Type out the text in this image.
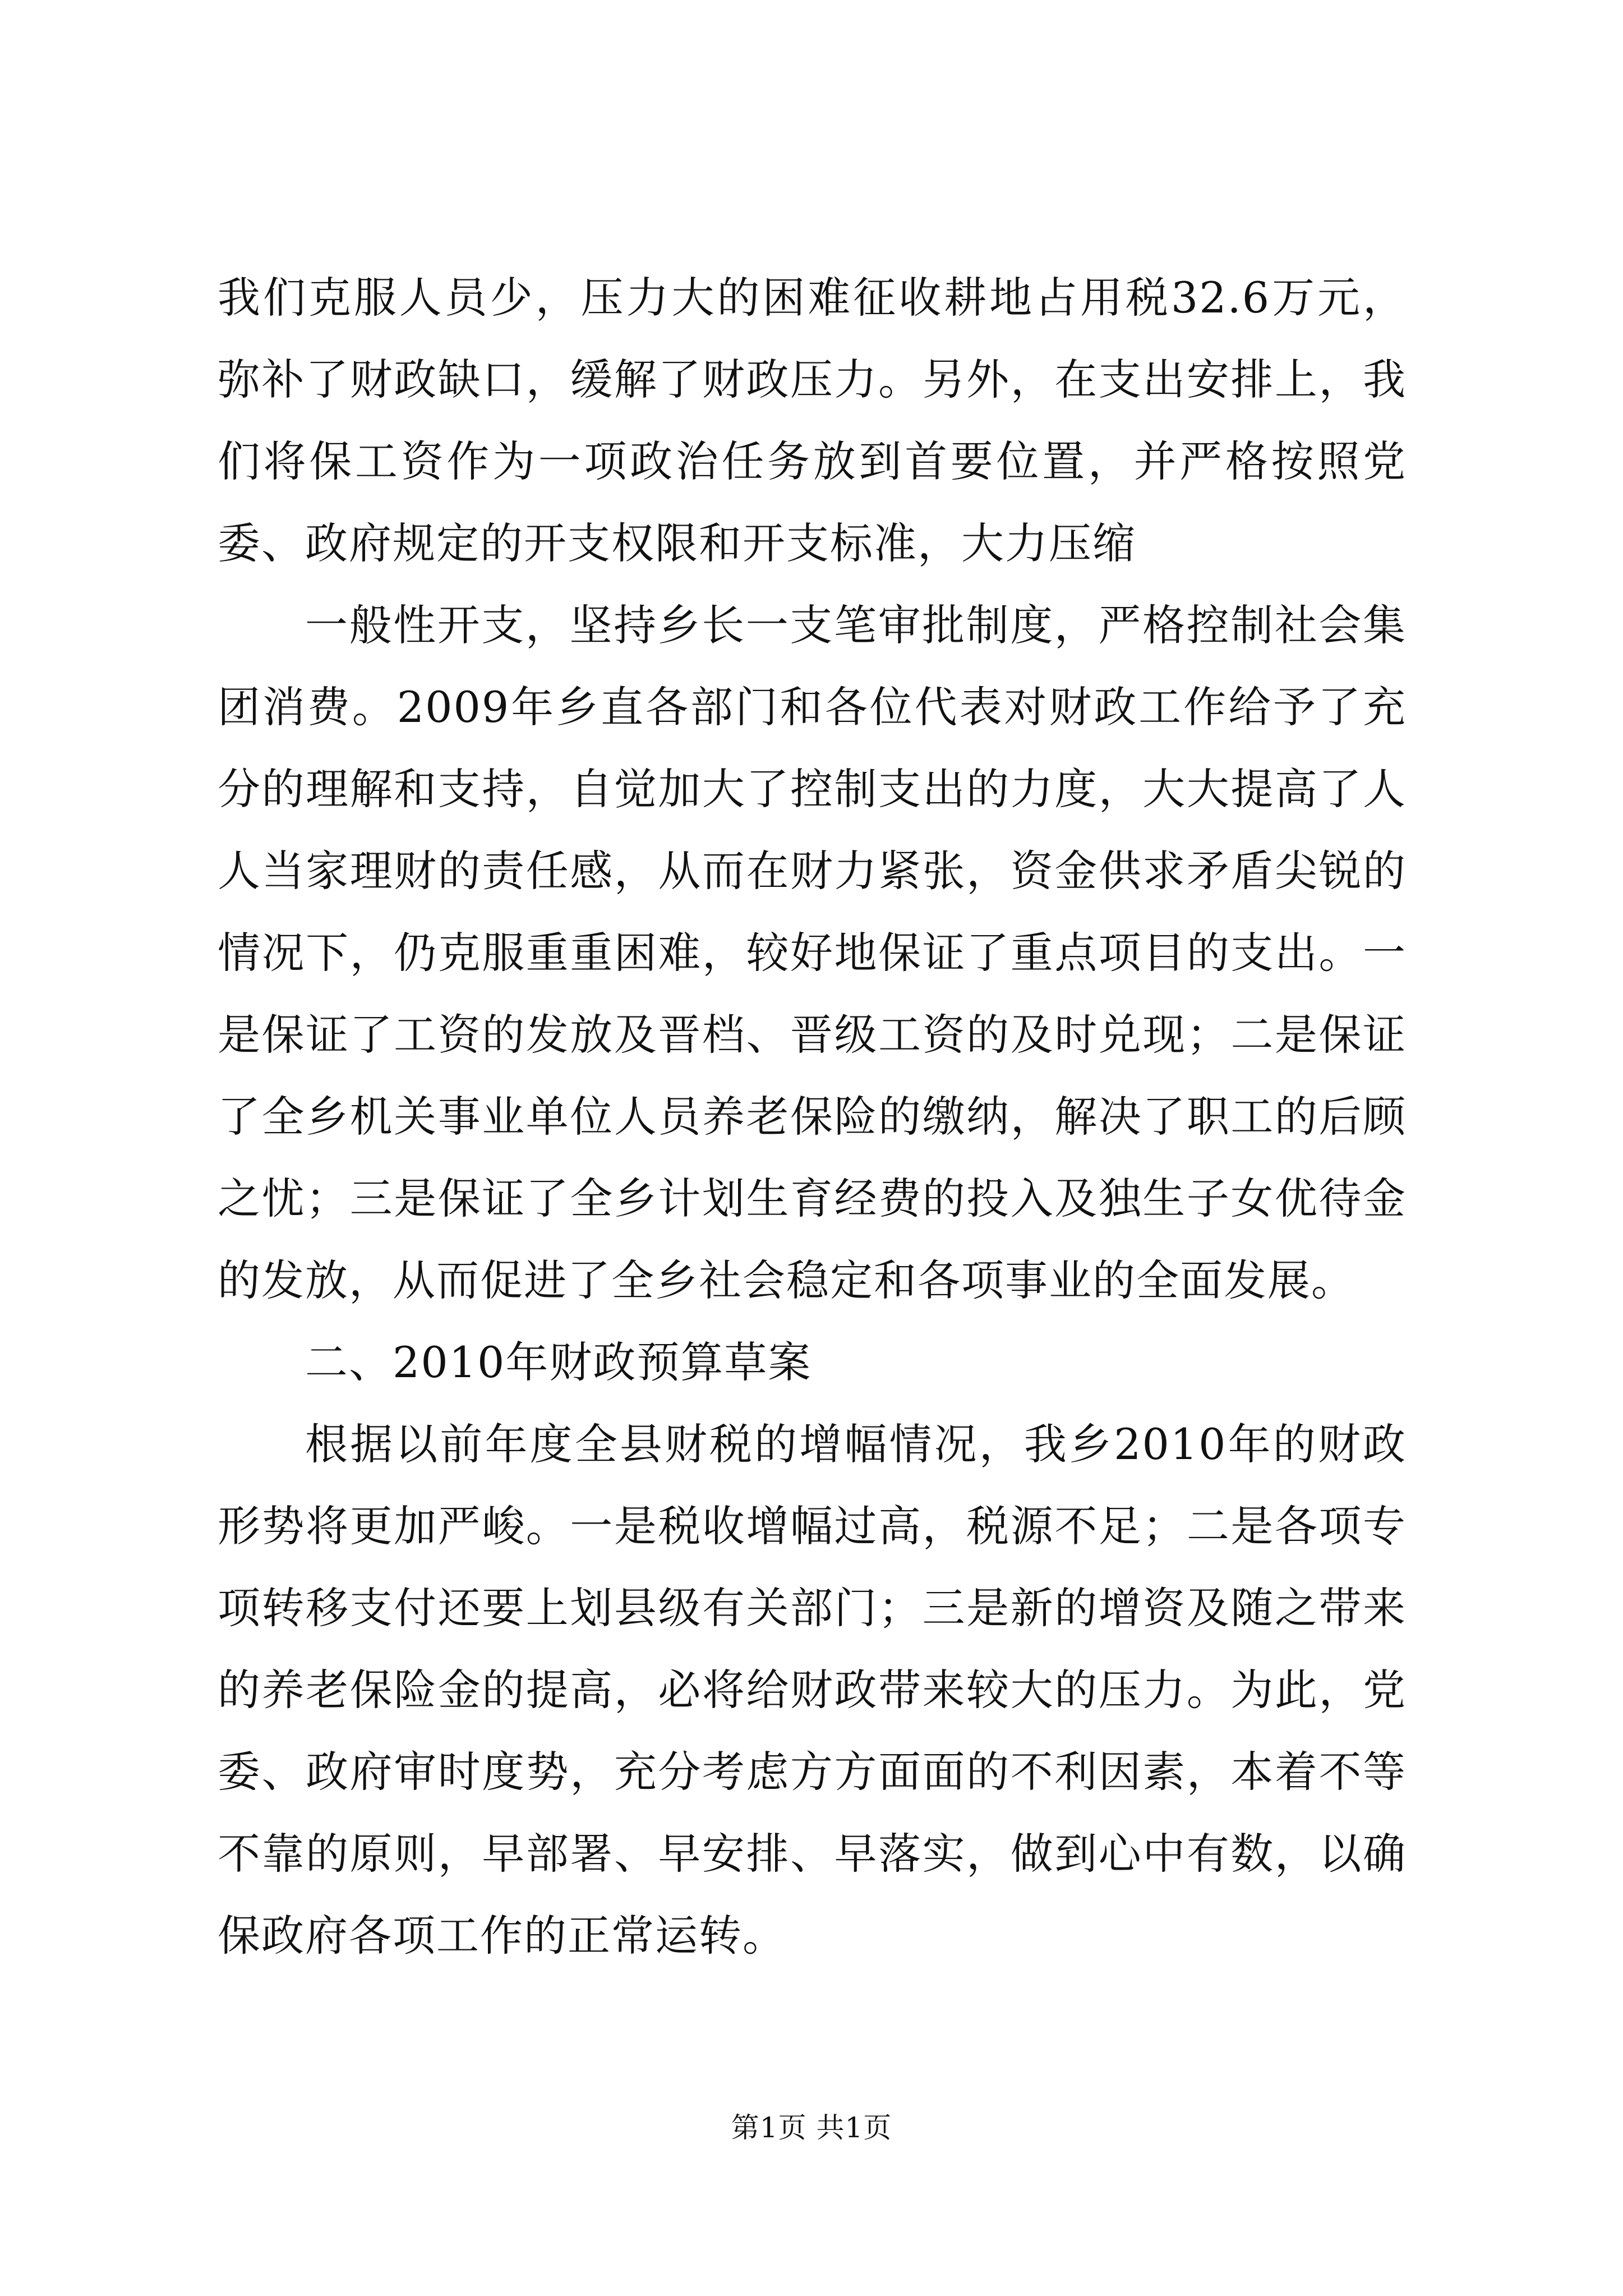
我们克服人员少，压力大的困难征收耕地占用税32.6万元，弥补了财政缺口，缓解了财政压力。另外，在支出安排上，我们将保工资作为一项政治任务放到首要位置，并严格按照党委、政府规定的开支权限和开支标准，大力压缩

一般性开支，坚持乡长一支笔审批制度，严格控制社会集团消费。2009年乡直各部门和各位代表对财政工作给予了充分的理解和支持，自觉加大了控制支出的力度，大大提高了人人当家理财的责任感，从而在财力紧张，资金供求矛盾尖锐的情况下，仍克服重重困难，较好地保证了重点项目的支出。一是保证了工资的发放及晋档、晋级工资的及时兑现；二是保证了全乡机关事业单位人员养老保险的缴纳，解决了职工的后顾之忧；三是保证了全乡计划生育经费的投入及独生子女优待金的发放，从而促进了全乡社会稳定和各项事业的全面发展。

二、2010年财政预算草案

根据以前年度全县财税的增幅情况，我乡2010年的财政形势将更加严峻。一是税收增幅过高，税源不足；二是各项专项转移支付还要上划县级有关部门；三是新的增资及随之带来的养老保险金的提高，必将给财政带来较大的压力。为此，党委、政府审时度势，充分考虑方方面面的不利因素，本着不等不靠的原则，早部署、早安排、早落实，做到心中有数，以确保政府各项工作的正常运转。

第1页 共1页
